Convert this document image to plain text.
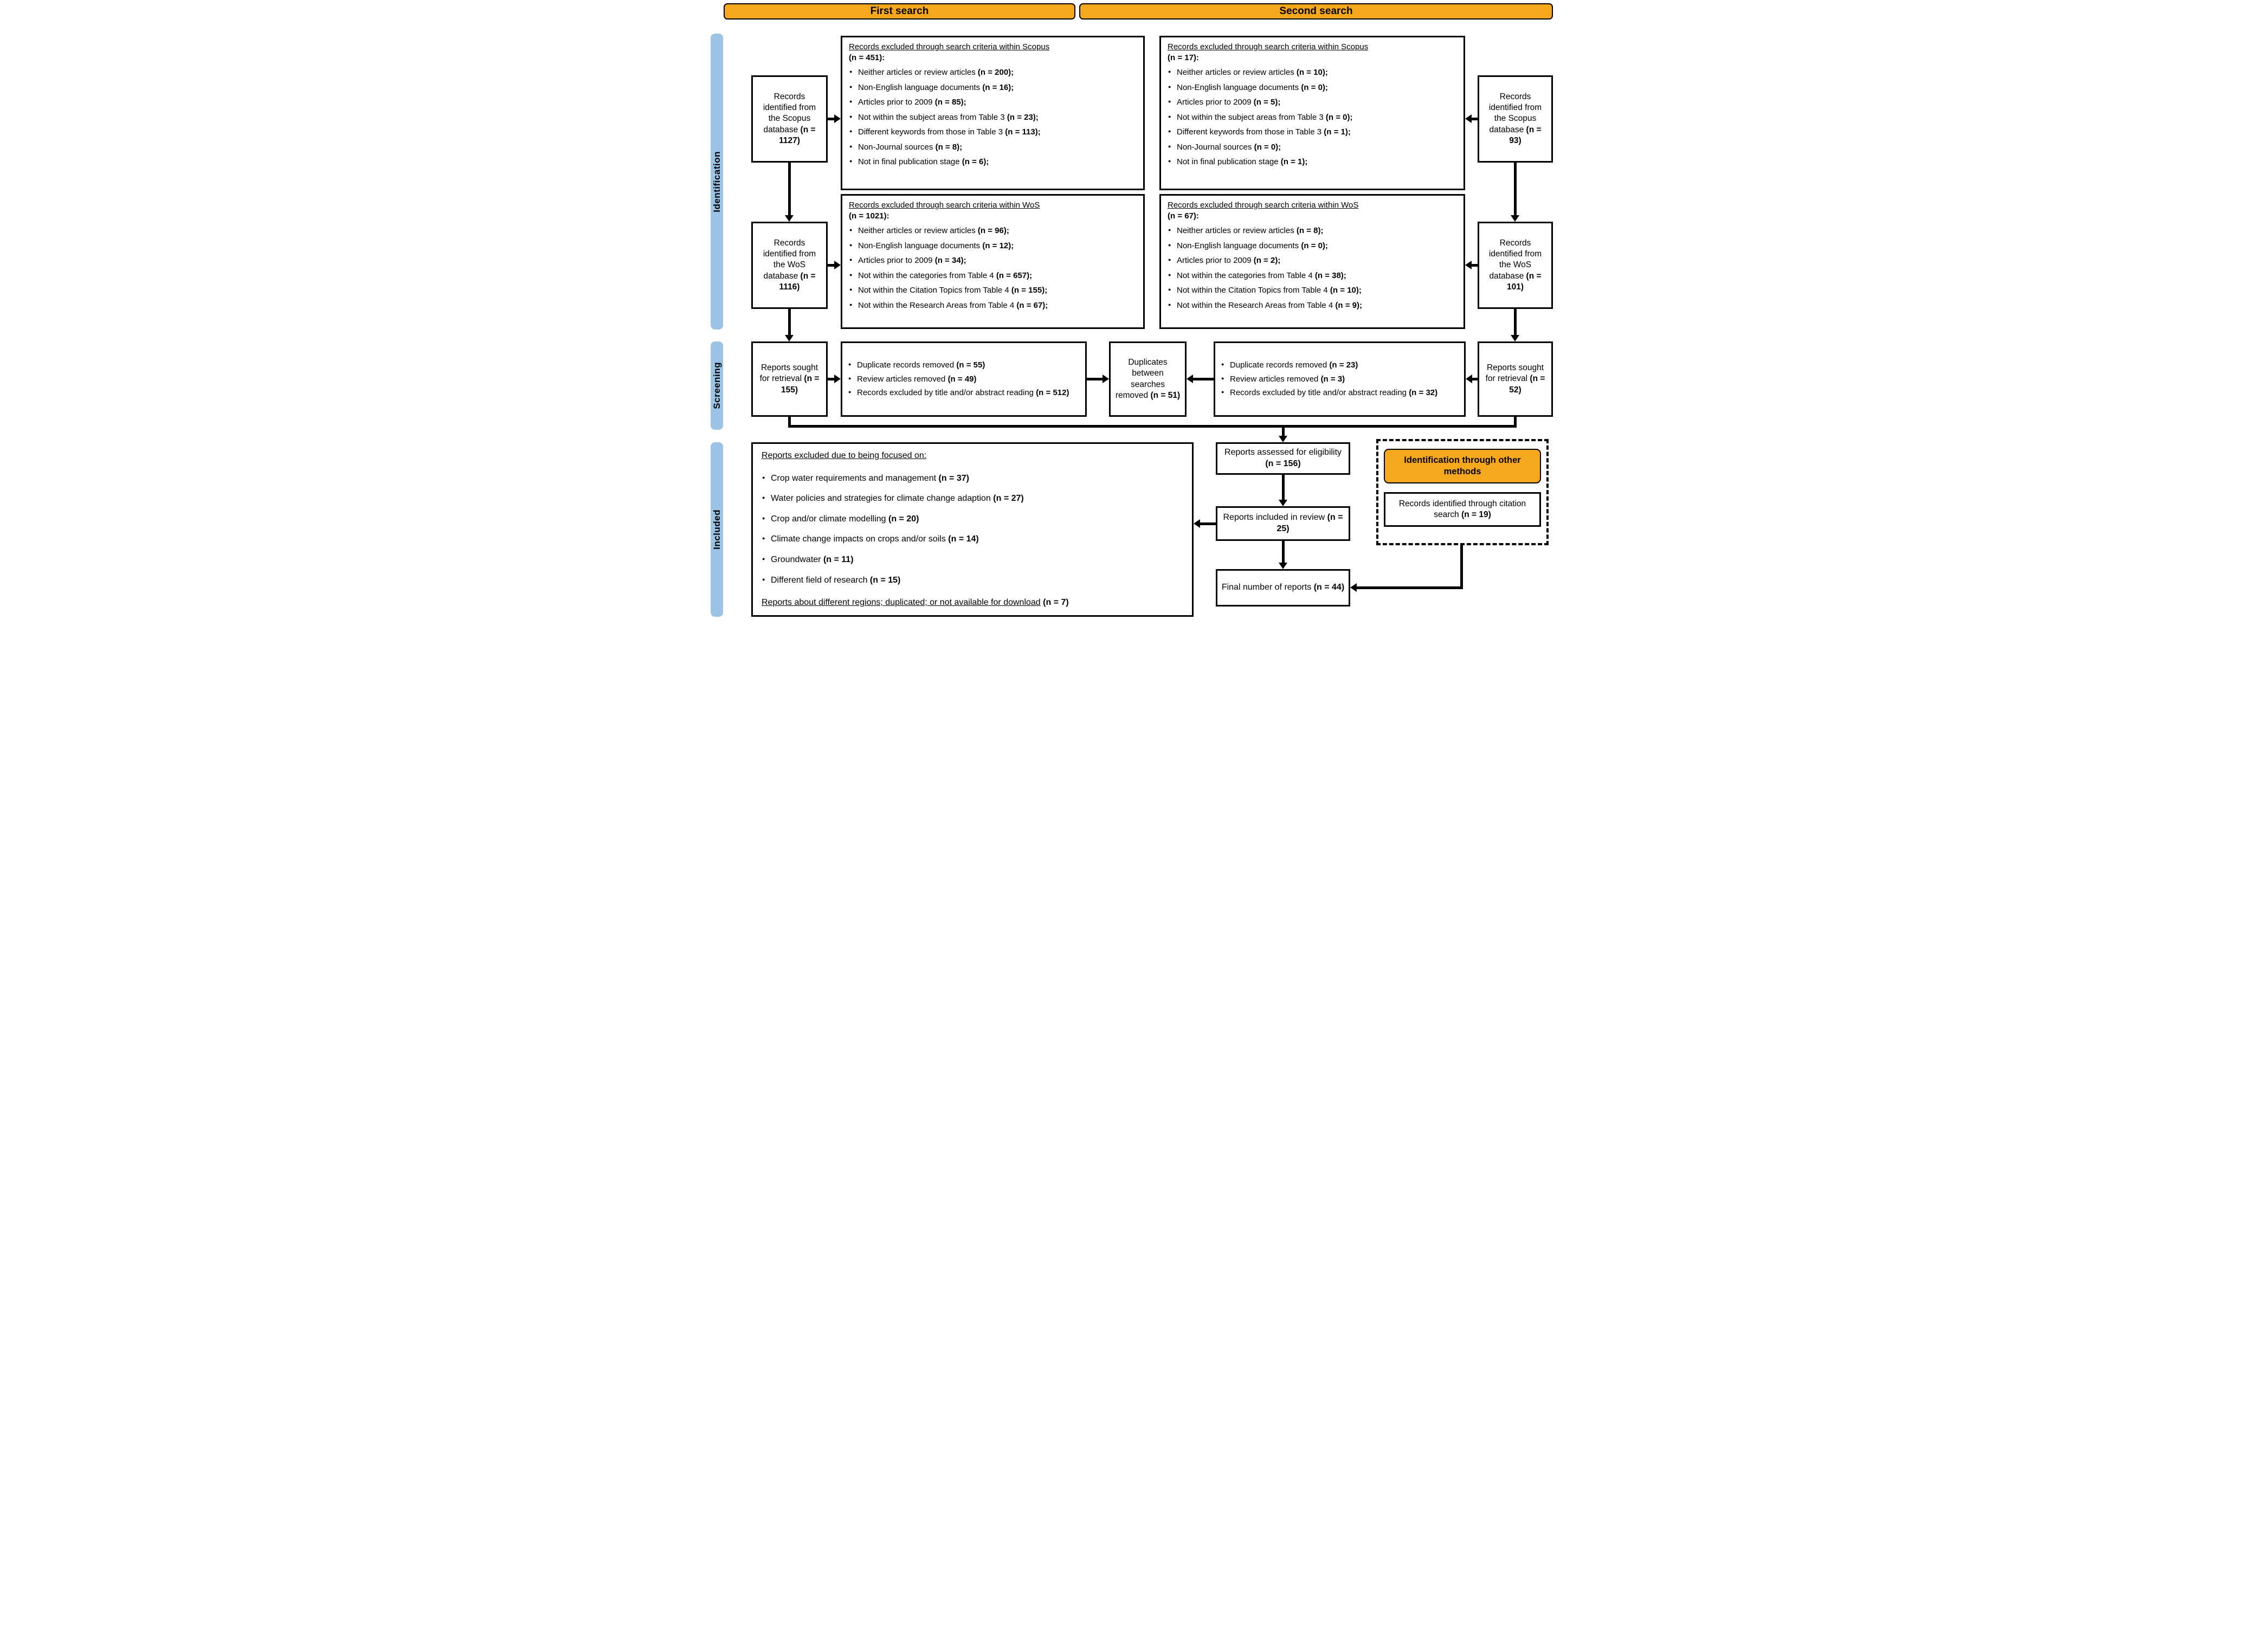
First search	Second search
Identification
Screening
Included
Records identified from the Scopus database (n = 1127)
Records excluded through search criteria within Scopus
(n = 451):
● Neither articles or review articles (n = 200);
● Non-English language documents (n = 16);
● Articles prior to 2009 (n = 85);
● Not within the subject areas from Table 3 (n = 23);
● Different keywords from those in Table 3 (n = 113);
● Non-Journal sources (n = 8);
● Not in final publication stage (n = 6);
Records identified from the WoS database (n = 1116)
Records excluded through search criteria within WoS
(n = 1021):
● Neither articles or review articles (n = 96);
● Non-English language documents (n = 12);
● Articles prior to 2009 (n = 34);
● Not within the categories from Table 4 (n = 657);
● Not within the Citation Topics from Table 4 (n = 155);
● Not within the Research Areas from Table 4 (n = 67);
Records excluded through search criteria within Scopus
(n = 17):
● Neither articles or review articles (n = 10);
● Non-English language documents (n = 0);
● Articles prior to 2009 (n = 5);
● Not within the subject areas from Table 3 (n = 0);
● Different keywords from those in Table 3 (n = 1);
● Non-Journal sources (n = 0);
● Not in final publication stage (n = 1);
Records identified from the Scopus database (n = 93)
Records excluded through search criteria within WoS
(n = 67):
● Neither articles or review articles (n = 8);
● Non-English language documents (n = 0);
● Articles prior to 2009 (n = 2);
● Not within the categories from Table 4 (n = 38);
● Not within the Citation Topics from Table 4 (n = 10);
● Not within the Research Areas from Table 4 (n = 9);
Records identified from the WoS database (n = 101)
Reports sought for retrieval (n = 155)
● Duplicate records removed (n = 55)
● Review articles removed (n = 49)
● Records excluded by title and/or abstract reading (n = 512)
Duplicates between searches removed (n = 51)
● Duplicate records removed (n = 23)
● Review articles removed (n = 3)
● Records excluded by title and/or abstract reading (n = 32)
Reports sought for retrieval (n = 52)
Reports excluded due to being focused on:
● Crop water requirements and management (n = 37)
● Water policies and strategies for climate change adaption (n = 27)
● Crop and/or climate modelling (n = 20)
● Climate change impacts on crops and/or soils (n = 14)
● Groundwater (n = 11)
● Different field of research (n = 15)
Reports about different regions; duplicated; or not available for download (n = 7)
Reports assessed for eligibility (n = 156)
Reports included in review (n = 25)
Final number of reports (n = 44)
Identification through other methods
Records identified through citation search (n = 19)
